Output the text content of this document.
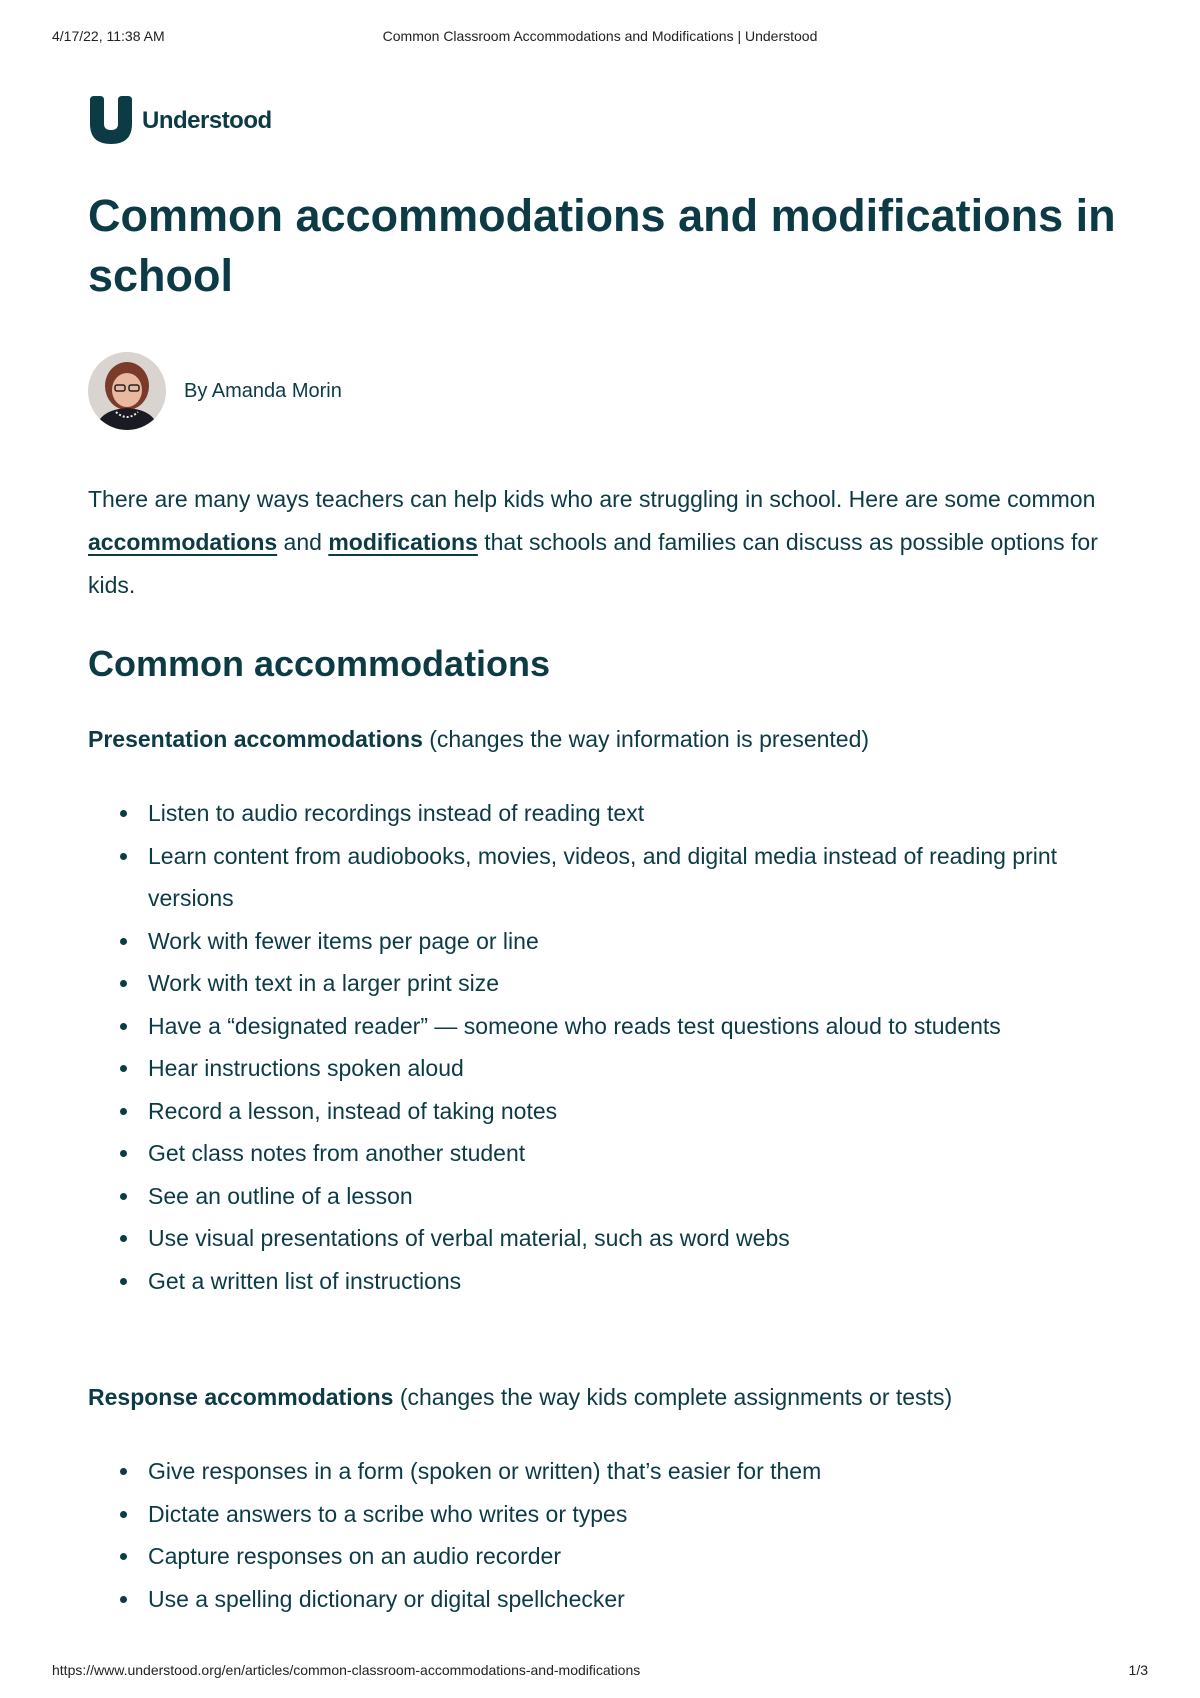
4/17/22, 11:38 AM	Common Classroom Accommodations and Modifications | Understood
Understood
Common accommodations and modifications in school
By Amanda Morin

There are many ways teachers can help kids who are struggling in school. Here are some common accommodations and modifications that schools and families can discuss as possible options for kids.

Common accommodations

Presentation accommodations (changes the way information is presented)

Listen to audio recordings instead of reading text
Learn content from audiobooks, movies, videos, and digital media instead of reading print versions
Work with fewer items per page or line
Work with text in a larger print size
Have a “designated reader” — someone who reads test questions aloud to students
Hear instructions spoken aloud
Record a lesson, instead of taking notes
Get class notes from another student
See an outline of a lesson
Use visual presentations of verbal material, such as word webs
Get a written list of instructions

Response accommodations (changes the way kids complete assignments or tests)

Give responses in a form (spoken or written) that’s easier for them
Dictate answers to a scribe who writes or types
Capture responses on an audio recorder
Use a spelling dictionary or digital spellchecker
https://www.understood.org/en/articles/common-classroom-accommodations-and-modifications	1/3
